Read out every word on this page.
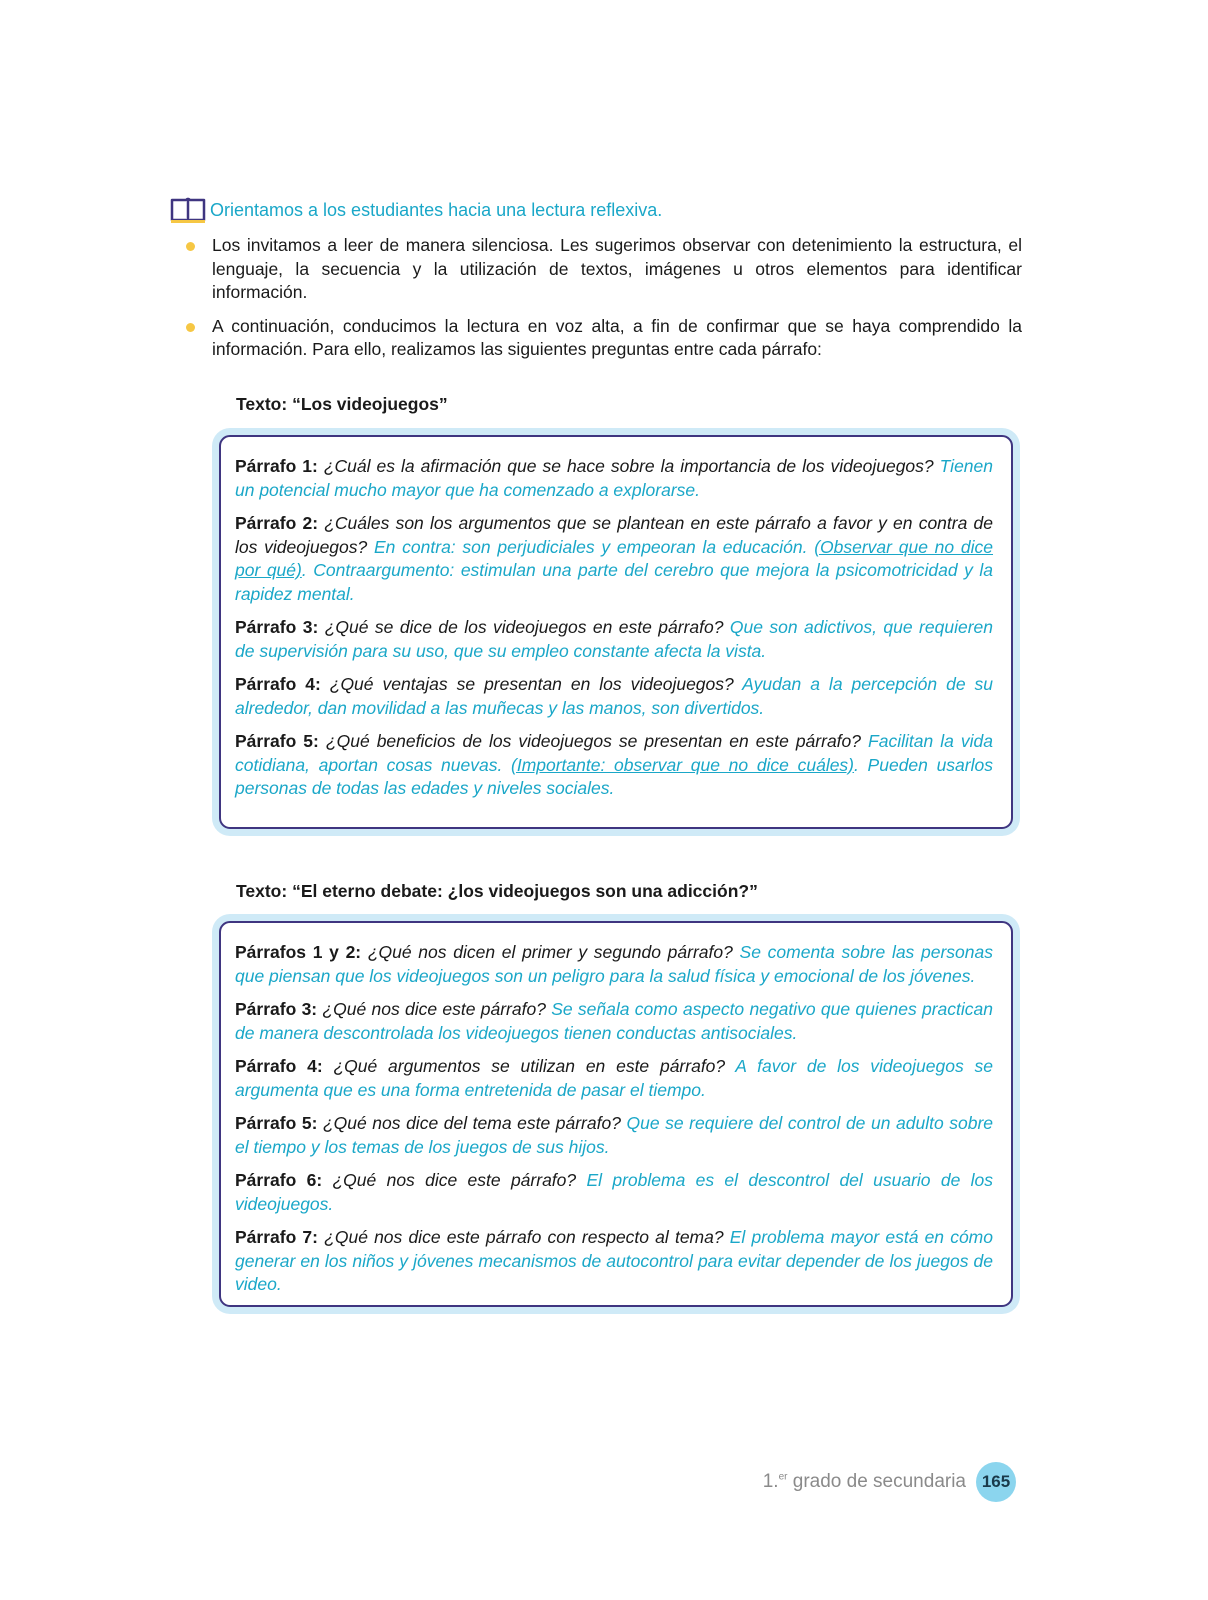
Orientamos a los estudiantes hacia una lectura reflexiva.
Los invitamos a leer de manera silenciosa. Les sugerimos observar con detenimiento la estructura, el lenguaje, la secuencia y la utilización de textos, imágenes u otros elementos para identificar información.
A continuación, conducimos la lectura en voz alta, a fin de confirmar que se haya comprendido la información. Para ello, realizamos las siguientes preguntas entre cada párrafo:
Texto: “Los videojuegos”

Párrafo 1: ¿Cuál es la afirmación que se hace sobre la importancia de los videojuegos? Tienen un potencial mucho mayor que ha comenzado a explorarse.

Párrafo 2: ¿Cuáles son los argumentos que se plantean en este párrafo a favor y en contra de los videojuegos? En contra: son perjudiciales y empeoran la educación. (Observar que no dice por qué). Contraargumento: estimulan una parte del cerebro que mejora la psicomotricidad y la rapidez mental.

Párrafo 3: ¿Qué se dice de los videojuegos en este párrafo? Que son adictivos, que requieren de supervisión para su uso, que su empleo constante afecta la vista.

Párrafo 4: ¿Qué ventajas se presentan en los videojuegos? Ayudan a la percepción de su alrededor, dan movilidad a las muñecas y las manos, son divertidos.

Párrafo 5: ¿Qué beneficios de los videojuegos se presentan en este párrafo? Facilitan la vida cotidiana, aportan cosas nuevas. (Importante: observar que no dice cuáles). Pueden usarlos personas de todas las edades y niveles sociales.

Texto: “El eterno debate: ¿los videojuegos son una adicción?”

Párrafos 1 y 2: ¿Qué nos dicen el primer y segundo párrafo? Se comenta sobre las personas que piensan que los videojuegos son un peligro para la salud física y emocional de los jóvenes.

Párrafo 3: ¿Qué nos dice este párrafo? Se señala como aspecto negativo que quienes practican de manera descontrolada los videojuegos tienen conductas antisociales.

Párrafo 4: ¿Qué argumentos se utilizan en este párrafo? A favor de los videojuegos se argumenta que es una forma entretenida de pasar el tiempo.

Párrafo 5: ¿Qué nos dice del tema este párrafo? Que se requiere del control de un adulto sobre el tiempo y los temas de los juegos de sus hijos.

Párrafo 6: ¿Qué nos dice este párrafo? El problema es el descontrol del usuario de los videojuegos.

Párrafo 7: ¿Qué nos dice este párrafo con respecto al tema? El problema mayor está en cómo generar en los niños y jóvenes mecanismos de autocontrol para evitar depender de los juegos de video.

1.$^{er}$ grado de secundaria 165
